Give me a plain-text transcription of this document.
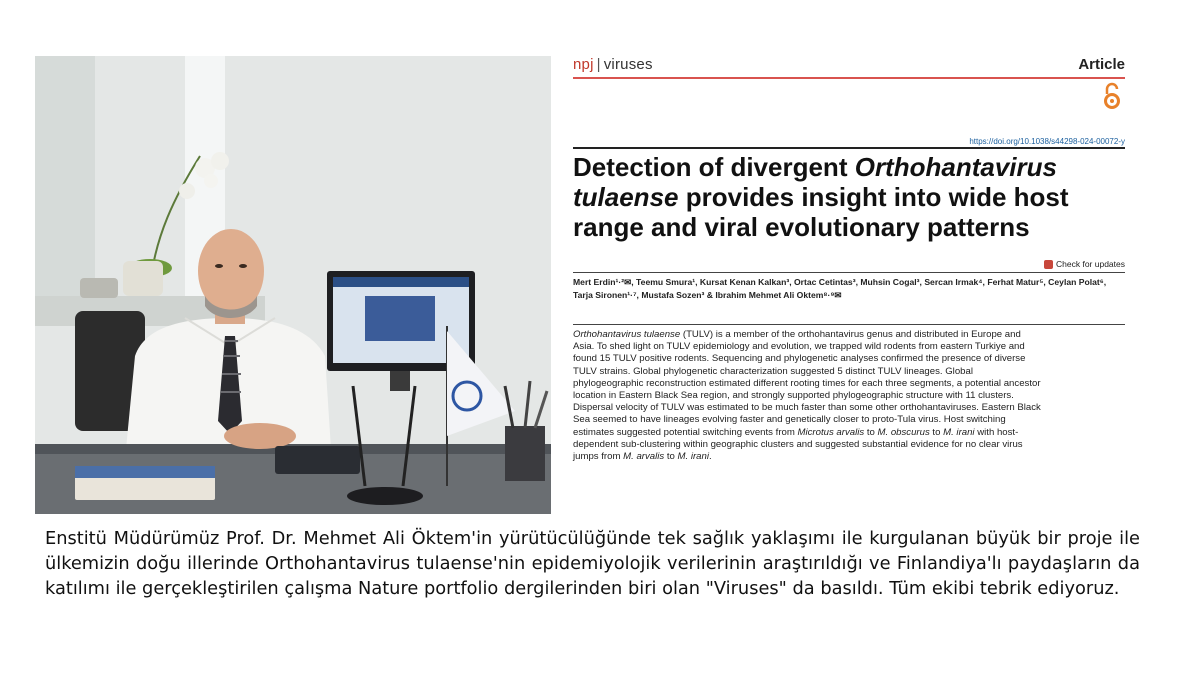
npj | viruses	Article
https://doi.org/10.1038/s44298-024-00072-y
Detection of divergent Orthohantavirus tulaense provides insight into wide host range and viral evolutionary patterns
Check for updates
Mert Erdin¹·²✉, Teemu Smura¹, Kursat Kenan Kalkan³, Ortac Cetintas³, Muhsin Cogal³, Sercan Irmak⁴, Ferhat Matur⁵, Ceylan Polat⁶, Tarja Sironen¹·⁷, Mustafa Sozen³ & Ibrahim Mehmet Ali Oktem⁸·⁹✉

Orthohantavirus tulaense (TULV) is a member of the orthohantavirus genus and distributed in Europe and Asia. To shed light on TULV epidemiology and evolution, we trapped wild rodents from eastern Turkiye and found 15 TULV positive rodents. Sequencing and phylogenetic analyses confirmed the presence of diverse TULV strains. Global phylogenetic characterization suggested 5 distinct TULV lineages. Global phylogeographic reconstruction estimated different rooting times for each three segments, a potential ancestor location in Eastern Black Sea region, and strongly supported phylogeographic structure with 11 clusters. Dispersal velocity of TULV was estimated to be much faster than some other orthohantaviruses. Eastern Black Sea seemed to have lineages evolving faster and genetically closer to proto-Tula virus. Host switching estimates suggested potential switching events from Microtus arvalis to M. obscurus to M. irani with host-dependent sub-clustering within geographic clusters and suggested substantial evidence for no clear virus jumps from M. arvalis to M. irani.

Enstitü Müdürümüz Prof. Dr. Mehmet Ali Öktem'in yürütücülüğünde tek sağlık yaklaşımı ile kurgulanan büyük bir proje ile ülkemizin doğu illerinde Orthohantavirus tulaense'nin epidemiyolojik verilerinin araştırıldığı ve Finlandiya'lı paydaşların da katılımı ile gerçekleştirilen çalışma Nature portfolio dergilerinden biri olan "Viruses" da basıldı. Tüm ekibi tebrik ediyoruz.
